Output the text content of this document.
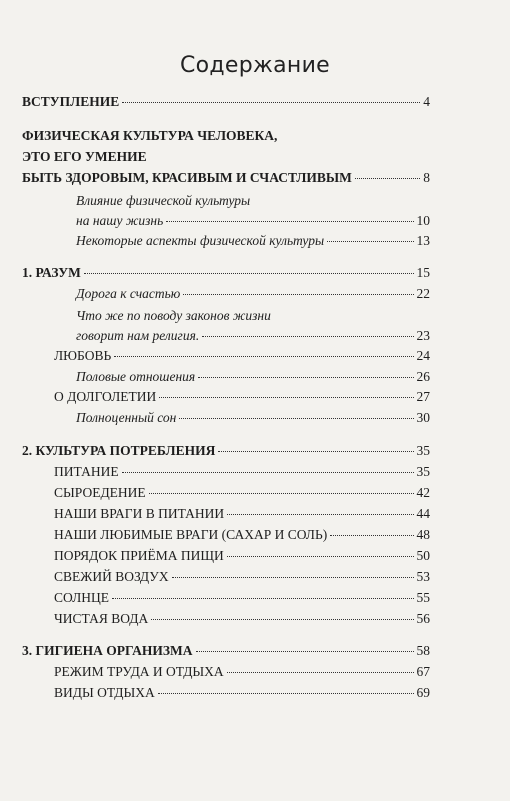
Содержание
ВСТУПЛЕНИЕ	4
ФИЗИЧЕСКАЯ КУЛЬТУРА ЧЕЛОВЕКА,
ЭТО ЕГО УМЕНИЕ
БЫТЬ ЗДОРОВЫМ, КРАСИВЫМ И СЧАСТЛИВЫМ	8
Влияние физической культуры
на нашу жизнь	10
Некоторые аспекты физической культуры	13
1. РАЗУМ	15
Дорога к счастью	22
Что же по поводу законов жизни
говорит нам религия.	23
ЛЮБОВЬ	24
Половые отношения	26
О ДОЛГОЛЕТИИ	27
Полноценный сон	30
2. КУЛЬТУРА ПОТРЕБЛЕНИЯ	35
ПИТАНИЕ	35
СЫРОЕДЕНИЕ	42
НАШИ ВРАГИ В ПИТАНИИ	44
НАШИ ЛЮБИМЫЕ ВРАГИ (САХАР И СОЛЬ)	48
ПОРЯДОК ПРИЁМА ПИЩИ	50
СВЕЖИЙ ВОЗДУХ	53
СОЛНЦЕ	55
ЧИСТАЯ ВОДА	56
3. ГИГИЕНА ОРГАНИЗМА	58
РЕЖИМ ТРУДА И ОТДЫХА	67
ВИДЫ ОТДЫХА	69
